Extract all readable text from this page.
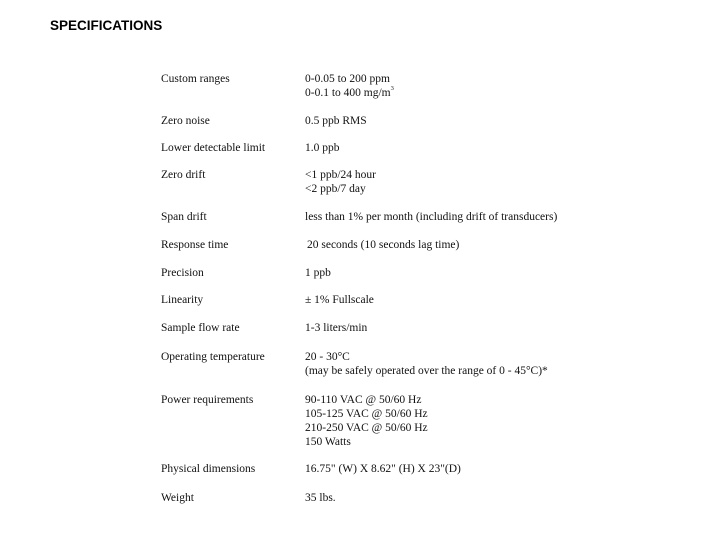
SPECIFICATIONS
Custom ranges	0-0.05 to 200 ppm
0-0.1 to 400 $mg/m^3$
Zero noise	0.5 ppb RMS
Lower detectable limit	1.0 ppb
Zero drift	<1 ppb/24 hour
<2 ppb/7 day
Span drift	less than 1% per month (including drift of transducers)
Response time	20 seconds (10 seconds lag time)
Precision	1 ppb
Linearity	± 1% Fullscale
Sample flow rate	1-3 liters/min
Operating temperature	20 - 30°C
(may be safely operated over the range of 0 - 45°C)*
Power requirements	90-110 VAC @ 50/60 Hz
105-125 VAC @ 50/60 Hz
210-250 VAC @ 50/60 Hz
150 Watts
Physical dimensions	16.75" (W) X 8.62" (H) X 23"(D)
Weight	35 lbs.
